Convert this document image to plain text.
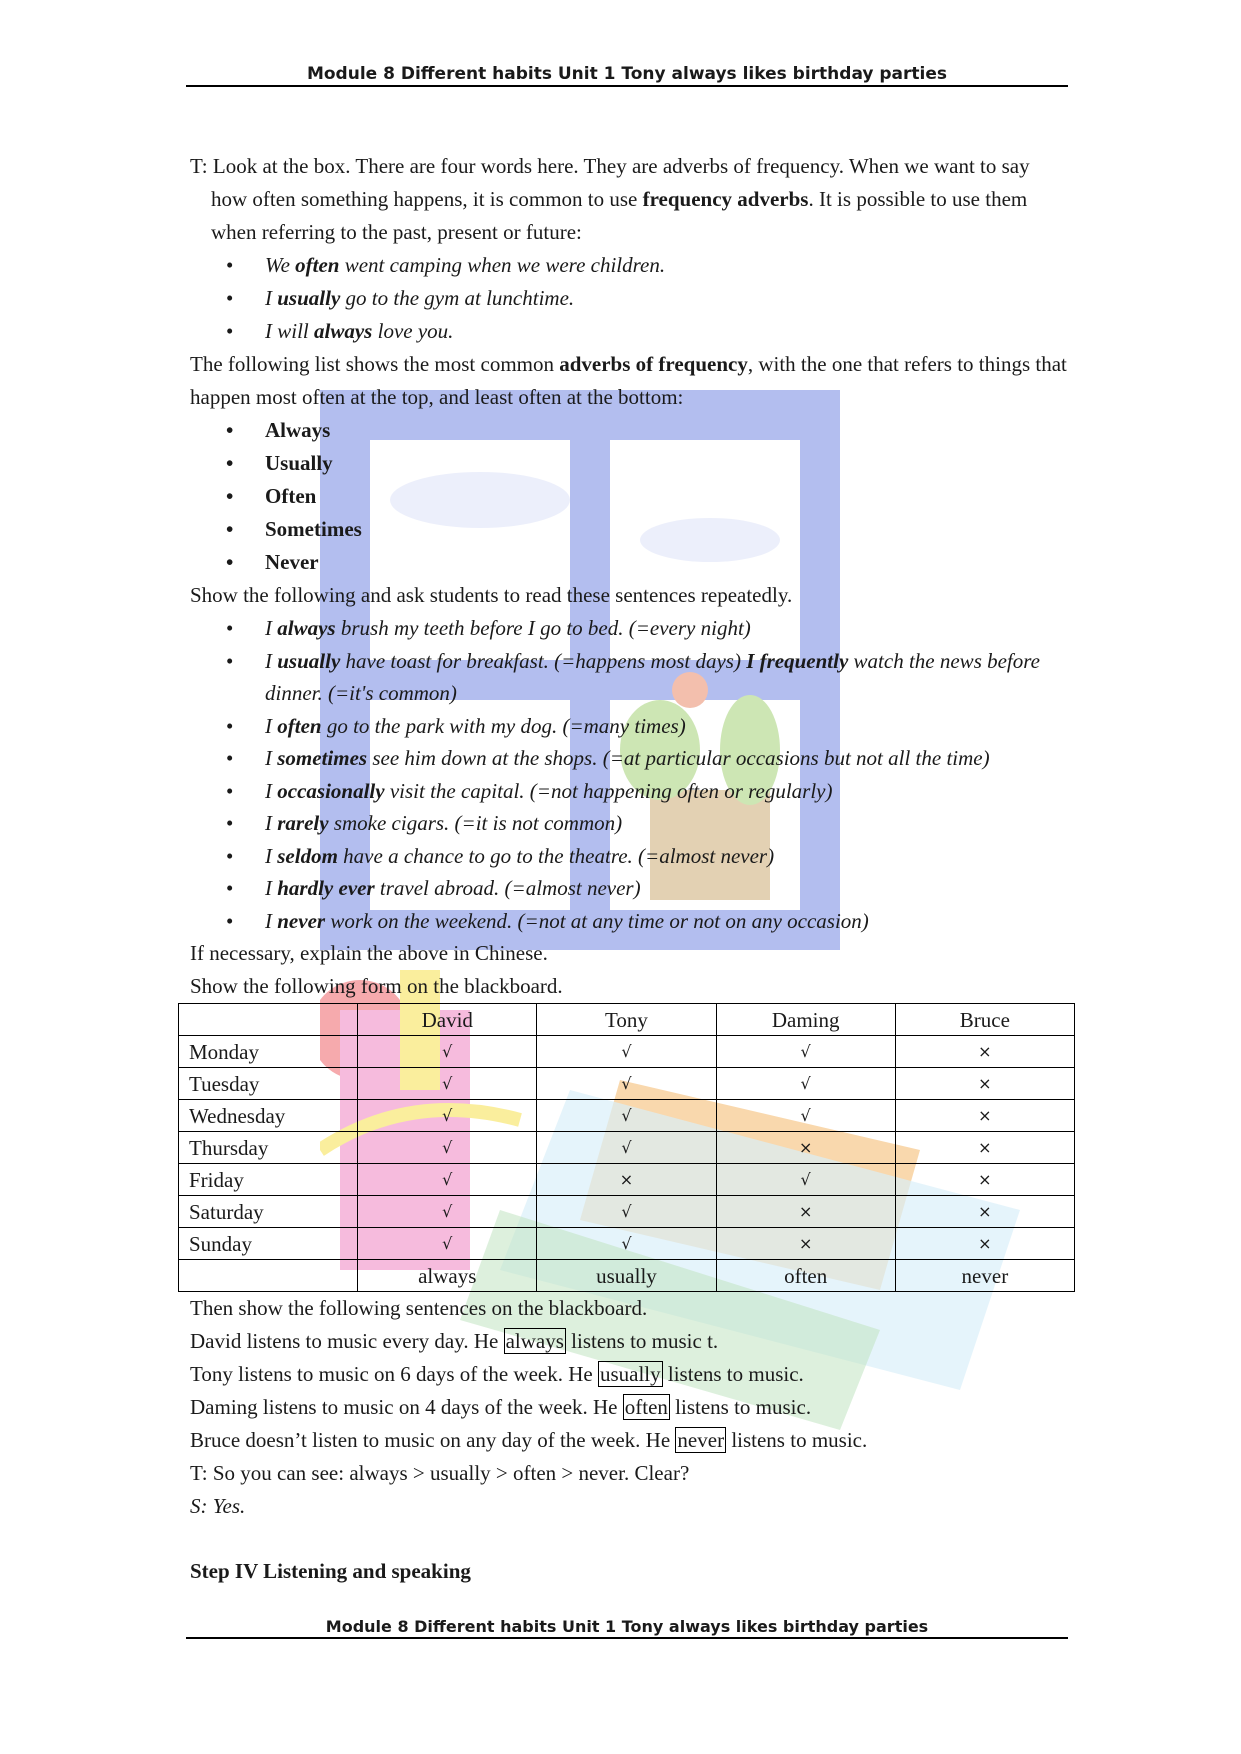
Module 8 Different habits Unit 1 Tony always likes birthday parties

T: Look at the box. There are four words here. They are adverbs of frequency. When we want to say how often something happens, it is common to use frequency adverbs. It is possible to use them when referring to the past, present or future:

• We often went camping when we were children.
• I usually go to the gym at lunchtime.
• I will always love you.

The following list shows the most common adverbs of frequency, with the one that refers to things that happen most often at the top, and least often at the bottom:

• Always
• Usually
• Often
• Sometimes
• Never

Show the following and ask students to read these sentences repeatedly.

• I always brush my teeth before I go to bed. (=every night)
• I usually have toast for breakfast. (=happens most days) I frequently watch the news before dinner. (=it's common)
• I often go to the park with my dog. (=many times)
• I sometimes see him down at the shops. (=at particular occasions but not all the time)
• I occasionally visit the capital. (=not happening often or regularly)
• I rarely smoke cigars. (=it is not common)
• I seldom have a chance to go to the theatre. (=almost never)
• I hardly ever travel abroad. (=almost never)
• I never work on the weekend. (=not at any time or not on any occasion)

If necessary, explain the above in Chinese.

Show the following form on the blackboard.

	David	Tony	Daming	Bruce
Monday	√	√	√	×
Tuesday	√	√	√	×
Wednesday	√	√	√	×
Thursday	√	√	×	×
Friday	√	×	√	×
Saturday	√	√	×	×
Sunday	√	√	×	×
	always	usually	often	never

Then show the following sentences on the blackboard.

David listens to music every day. He always listens to music t.

Tony listens to music on 6 days of the week. He usually listens to music.

Daming listens to music on 4 days of the week. He often listens to music.

Bruce doesn’t listen to music on any day of the week. He never listens to music.

T: So you can see: always > usually > often > never. Clear?

S: Yes.

Step IV Listening and speaking

Module 8 Different habits Unit 1 Tony always likes birthday parties
